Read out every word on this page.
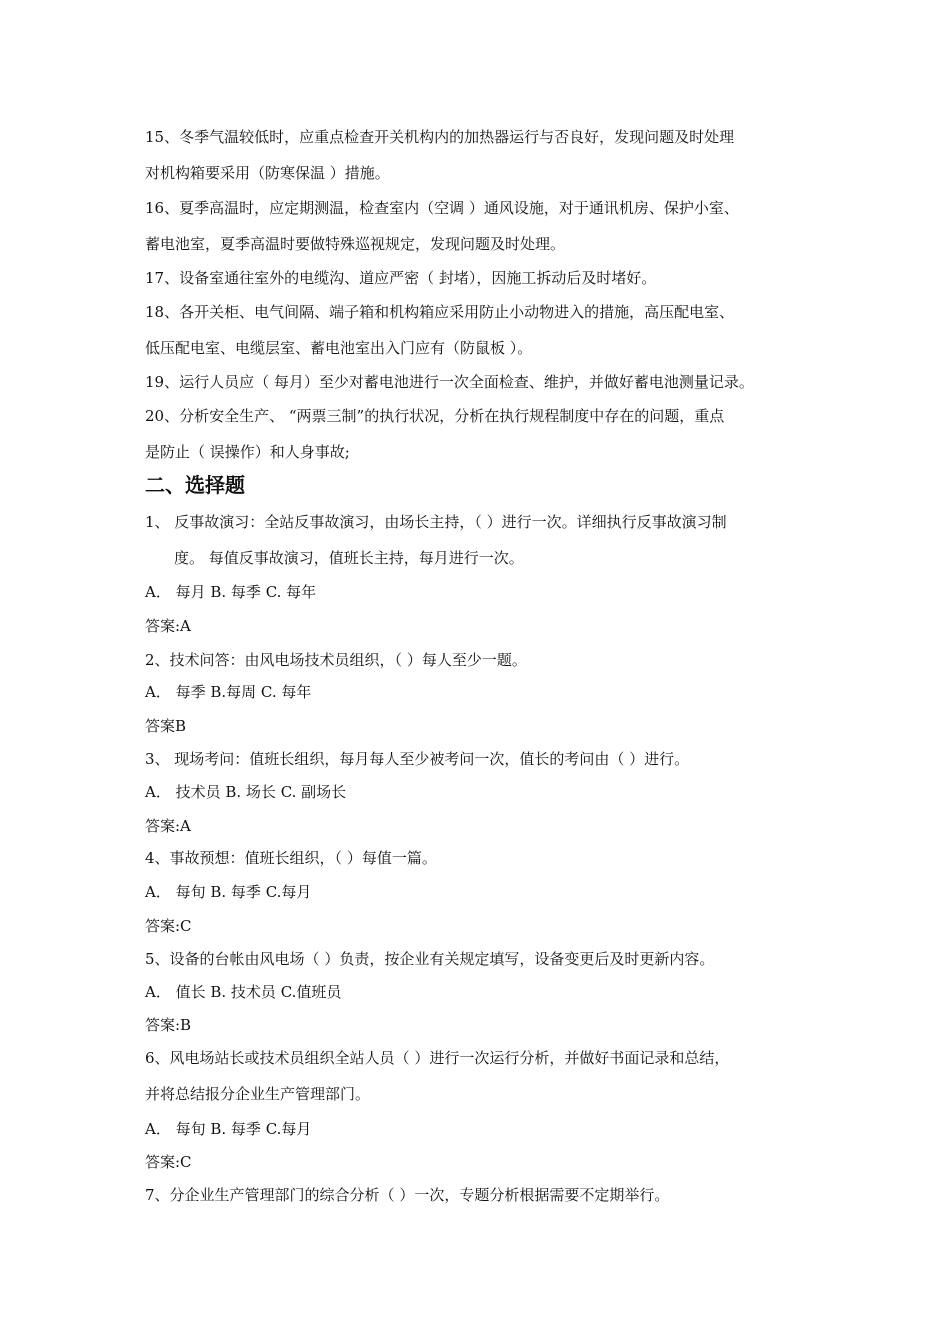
15、冬季气温较低时，应重点检查开关机构内的加热器运行与否良好，发现问题及时处理
对机构箱要采用（防寒保温 ）措施。
16、夏季高温时，应定期测温，检查室内（空调 ）通风设施，对于通讯机房、保护小室、
蓄电池室，夏季高温时要做特殊巡视规定，发现问题及时处理。
17、设备室通往室外的电缆沟、道应严密（ 封堵），因施工拆动后及时堵好。
18、各开关柜、电气间隔、端子箱和机构箱应采用防止小动物进入的措施，高压配电室、
低压配电室、电缆层室、蓄电池室出入门应有（防鼠板 ）。
19、运行人员应（ 每月）至少对蓄电池进行一次全面检查、维护，并做好蓄电池测量记录。
20、分析安全生产、 “两票三制”的执行状况，分析在执行规程制度中存在的问题，重点
是防止（ 误操作）和人身事故;
二、选择题
1、 反事故演习：全站反事故演习，由场长主持，（ ）进行一次。详细执行反事故演习制
度。 每值反事故演习，值班长主持，每月进行一次。
A． 每月 B. 每季 C. 每年
答案:A
2、技术问答：由风电场技术员组织，（ ）每人至少一题。
A． 每季 B.每周 C. 每年
答案B
3、 现场考问：值班长组织，每月每人至少被考问一次，值长的考问由（ ）进行。
A． 技术员 B. 场长 C. 副场长
答案:A
4、事故预想：值班长组织，（ ）每值一篇。
A． 每旬 B. 每季 C.每月
答案:C
5、设备的台帐由风电场（ ）负责，按企业有关规定填写，设备变更后及时更新内容。
A． 值长 B. 技术员 C.值班员
答案:B
6、风电场站长或技术员组织全站人员（ ）进行一次运行分析，并做好书面记录和总结，
并将总结报分企业生产管理部门。
A． 每旬 B. 每季 C.每月
答案:C
7、分企业生产管理部门的综合分析（ ）一次，专题分析根据需要不定期举行。
